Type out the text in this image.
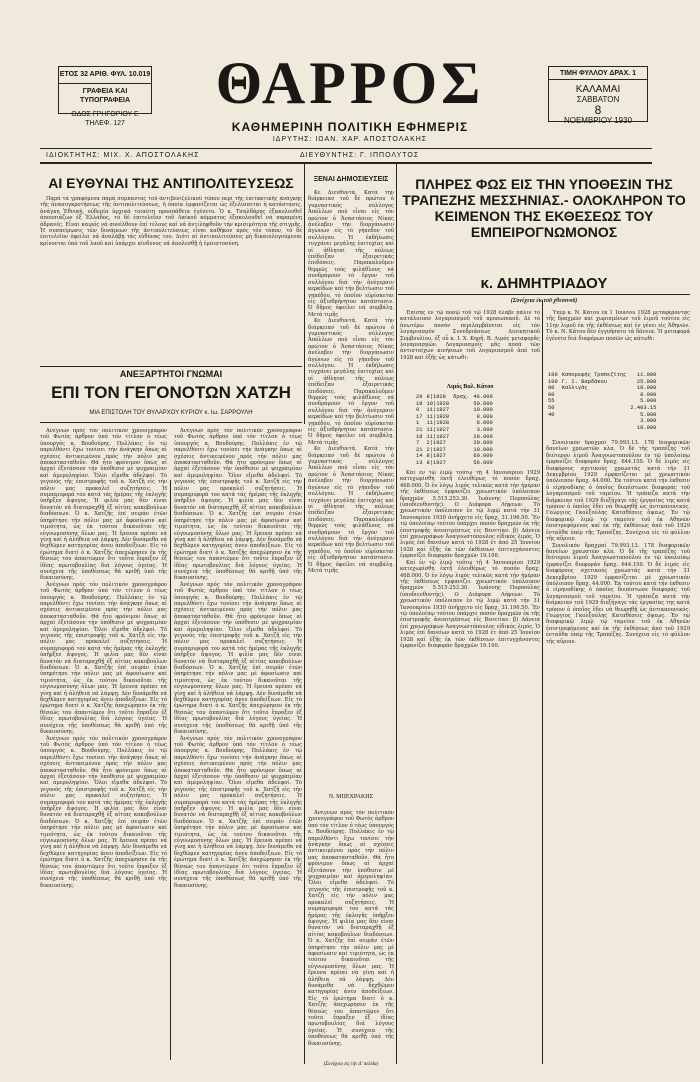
ΕΤΟΣ 32 ΑΡΙΘ. ΦΥΛ. 10.019
ΓΡΑΦΕΙΑ ΚΑΙ ΤΥΠΟΓΡΑΦΕΙΑ
ΟΔΟΣ ΓΡΗΓΟΡΙΟΥ Ε ΤΗΛΕΦ. 127
ΤΙΜΗ ΦΥΛΛΟΥ ΔΡΑΧ. 1
ΚΑΛΑΜΑΙ
ΣΑΒΒΑΤΟΝ
8
ΝΟΕΜΒΡΙΟΥ 1930
ΘΑΡΡΟΣ
ΚΑΘΗΜΕΡΙΝΗ ΠΟΛΙΤΙΚΗ ΕΦΗΜΕΡΙΣ
ΙΔΡΥΤΗΣ: ΙΩΑΝ. ΧΑΡ. ΑΠΟΣΤΟΛΑΚΗΣ
ΙΔΙΟΚΤΗΤΗΣ: ΜΙΧ. Χ. ΑΠΟΣΤΟΛΑΚΗΣ	ΔΙΕΥΘΥΝΤΗΣ: Γ. ΙΠΠΟΛΥΤΟΣ
ΑΙ ΕΥΘΥΝΑΙ ΤΗΣ ΑΝΤΙΠΟΛΙΤΕΥΣΕΩΣ

Παρά τά γραφόμενα παρά σύμπαντος τοῦ ἀντιβενιζελικοῦ τύπου περί τῆς ἐπιτακτικῆς ἀνάγκης τῆς ἀνασυγκροτήσεως τῆς ἀντιπολιτεύσεως, ἡ ὁποία ἐμφανίζεται ὡς ἐξελίσσεται ἡ κατάστασις, ἀνάγκη Ἐθνική, οὐδεμία ἀρχικά τοιαύτη προσπάθεια ἐγένετο. Ὁ κ. Τσαλδάρης ἐξακολουθεῖ ἀπουσιάζων ἐξ Ἑλλάδος, τό δέ ἐπιτελεῖον τοῦ Λαϊκοῦ κόμματος ἐξακολουθεῖ νά παραμένῃ ἀδρανές. Εἶναι καιρός νά συνέλθουν ἐπί τέλους καί νά ἀντιληφθοῦν τήν κρισιμότητα τῆς στιγμῆς. Ἡ συσπείρωσις τῶν δυνάμεων τῆς ἀντιπολιτεύσεως εἶναι καθῆκον πρός τόν τόπον, τό δέ ἐπιτελεῖον ὀφείλει νά ἀναλάβῃ τάς εὐθύνας του. Διότι αἱ ἀντιπολιτεύσεις μή δικαιολογούμεναι κρίνονται ὑπό τοῦ λαοῦ καί ὑπάρχει κίνδυνος νά ἀπολεσθῇ ἡ ἐμπιστοσύνη.

ΑΝΕΞΑΡΤΗΤΟΙ ΓΝΩΜΑΙ
ΕΠΙ ΤΟΝ ΓΕΓΟΝΟΤΩΝ ΧΑΤΖΗ
ΜΙΑ ΕΠΙΣΤΟΛΗ ΤΟΥ ΘΥΛΑΡΧΟΥ ΚΥΡΙΟΥ κ. Ιω. ΣΑΡΡΟΥΛΗ

Ἀνέγνων πρός τόν πολιτικόν χρονογράφον τοῦ Φωτὸς ἀρθρον ὑπό τόν τίτλον ὁ τέως ὑπουργός κ. Βουδούρης. Πολλάκις ἐν τῷ παρελθόντι ἔχω τονίσει τήν ἀνάγκην ὅπως αἱ σχέσεις ἀντικειμένου πρός τήν πόλιν μας ἀποκατασταθοῦν. Θά ἦτο φρόνιμον ὅπως αἱ ἀρχαί ἐξετάσουν τήν ὑπόθεσιν μέ ψυχραιμίαν καί ἀμεροληψίαν. Ὅλοι εἴμεθα ἀδελφοί. Τό γεγονός τῆς ἐπιστροφῆς τοῦ κ. Χατζῆ εἰς τήν πόλιν μας προκαλεῖ συζητήσεις. Ἡ συμπεριφορά του κατά τάς ἡμέρας τῆς ἐκλογῆς ὑπῆρξεν ἄψογος. Ἡ φιλία μας δέν εἶναι δυνατόν νά διαταραχθῇ ἐξ αἰτίας κακοβούλων διαδόσεων. Ὁ κ. Χατζῆς ἐπί σειράν ἐτῶν ὑπηρέτησε τήν πόλιν μας μέ ἀφοσίωσιν καί τιμιότητα, ὡς ἐκ τούτου δικαιοῦται τῆς εὐγνωμοσύνης ὅλων μας. Ἡ ἔρευνα πρέπει νά γίνῃ καί ἡ ἀλήθεια νά λάμψῃ. Δέν δυνάμεθα νά δεχθῶμεν κατηγορίας ἀνευ ἀποδείξεων. Εἰς τό ἐρώτημα διατί ὁ κ. Χατζῆς ἀπεχώρησεν ἐκ τῆς θέσεώς του ἀπαντῶμεν ὅτι τοῦτο ἔπραξεν ἐξ ἰδίας πρωτοβουλίας διά λόγους ὑγείας. Ἡ συνέχεια τῆς ὑποθέσεως θά κριθῇ ὑπό τῆς δικαιοσύνης.

Ἀνέγνων πρός τόν πολιτικόν χρονογράφον τοῦ Φωτὸς ἀρθρον ὑπό τόν τίτλον ὁ τέως ὑπουργός κ. Βουδούρης. Πολλάκις ἐν τῷ παρελθόντι ἔχω τονίσει τήν ἀνάγκην ὅπως αἱ σχέσεις ἀντικειμένου πρός τήν πόλιν μας ἀποκατασταθοῦν. Θά ἦτο φρόνιμον ὅπως αἱ ἀρχαί ἐξετάσουν τήν ὑπόθεσιν μέ ψυχραιμίαν καί ἀμεροληψίαν. Ὅλοι εἴμεθα ἀδελφοί. Τό γεγονός τῆς ἐπιστροφῆς τοῦ κ. Χατζῆ εἰς τήν πόλιν μας προκαλεῖ συζητήσεις. Ἡ συμπεριφορά του κατά τάς ἡμέρας τῆς ἐκλογῆς ὑπῆρξεν ἄψογος. Ἡ φιλία μας δέν εἶναι δυνατόν νά διαταραχθῇ ἐξ αἰτίας κακοβούλων διαδόσεων. Ὁ κ. Χατζῆς ἐπί σειράν ἐτῶν ὑπηρέτησε τήν πόλιν μας μέ ἀφοσίωσιν καί τιμιότητα, ὡς ἐκ τούτου δικαιοῦται τῆς εὐγνωμοσύνης ὅλων μας. Ἡ ἔρευνα πρέπει νά γίνῃ καί ἡ ἀλήθεια νά λάμψῃ. Δέν δυνάμεθα νά δεχθῶμεν κατηγορίας ἀνευ ἀποδείξεων. Εἰς τό ἐρώτημα διατί ὁ κ. Χατζῆς ἀπεχώρησεν ἐκ τῆς θέσεώς του ἀπαντῶμεν ὅτι τοῦτο ἔπραξεν ἐξ ἰδίας πρωτοβουλίας διά λόγους ὑγείας. Ἡ συνέχεια τῆς ὑποθέσεως θά κριθῇ ὑπό τῆς δικαιοσύνης.

Ἀνέγνων πρός τόν πολιτικόν χρονογράφον τοῦ Φωτὸς ἀρθρον ὑπό τόν τίτλον ὁ τέως ὑπουργός κ. Βουδούρης. Πολλάκις ἐν τῷ παρελθόντι ἔχω τονίσει τήν ἀνάγκην ὅπως αἱ σχέσεις ἀντικειμένου πρός τήν πόλιν μας ἀποκατασταθοῦν. Θά ἦτο φρόνιμον ὅπως αἱ ἀρχαί ἐξετάσουν τήν ὑπόθεσιν μέ ψυχραιμίαν καί ἀμεροληψίαν. Ὅλοι εἴμεθα ἀδελφοί. Τό γεγονός τῆς ἐπιστροφῆς τοῦ κ. Χατζῆ εἰς τήν πόλιν μας προκαλεῖ συζητήσεις. Ἡ συμπεριφορά του κατά τάς ἡμέρας τῆς ἐκλογῆς ὑπῆρξεν ἄψογος. Ἡ φιλία μας δέν εἶναι δυνατόν νά διαταραχθῇ ἐξ αἰτίας κακοβούλων διαδόσεων. Ὁ κ. Χατζῆς ἐπί σειράν ἐτῶν ὑπηρέτησε τήν πόλιν μας μέ ἀφοσίωσιν καί τιμιότητα, ὡς ἐκ τούτου δικαιοῦται τῆς εὐγνωμοσύνης ὅλων μας. Ἡ ἔρευνα πρέπει νά γίνῃ καί ἡ ἀλήθεια νά λάμψῃ. Δέν δυνάμεθα νά δεχθῶμεν κατηγορίας ἀνευ ἀποδείξεων. Εἰς τό ἐρώτημα διατί ὁ κ. Χατζῆς ἀπεχώρησεν ἐκ τῆς θέσεώς του ἀπαντῶμεν ὅτι τοῦτο ἔπραξεν ἐξ ἰδίας πρωτοβουλίας διά λόγους ὑγείας. Ἡ συνέχεια τῆς ὑποθέσεως θά κριθῇ ὑπό τῆς δικαιοσύνης.

Ἀνέγνων πρός τόν πολιτικόν χρονογράφον τοῦ Φωτὸς ἀρθρον ὑπό τόν τίτλον ὁ τέως ὑπουργός κ. Βουδούρης. Πολλάκις ἐν τῷ παρελθόντι ἔχω τονίσει τήν ἀνάγκην ὅπως αἱ σχέσεις ἀντικειμένου πρός τήν πόλιν μας ἀποκατασταθοῦν. Θά ἦτο φρόνιμον ὅπως αἱ ἀρχαί ἐξετάσουν τήν ὑπόθεσιν μέ ψυχραιμίαν καί ἀμεροληψίαν. Ὅλοι εἴμεθα ἀδελφοί. Τό γεγονός τῆς ἐπιστροφῆς τοῦ κ. Χατζῆ εἰς τήν πόλιν μας προκαλεῖ συζητήσεις. Ἡ συμπεριφορά του κατά τάς ἡμέρας τῆς ἐκλογῆς ὑπῆρξεν ἄψογος. Ἡ φιλία μας δέν εἶναι δυνατόν νά διαταραχθῇ ἐξ αἰτίας κακοβούλων διαδόσεων. Ὁ κ. Χατζῆς ἐπί σειράν ἐτῶν ὑπηρέτησε τήν πόλιν μας μέ ἀφοσίωσιν καί τιμιότητα, ὡς ἐκ τούτου δικαιοῦται τῆς εὐγνωμοσύνης ὅλων μας. Ἡ ἔρευνα πρέπει νά γίνῃ καί ἡ ἀλήθεια νά λάμψῃ. Δέν δυνάμεθα νά δεχθῶμεν κατηγορίας ἀνευ ἀποδείξεων. Εἰς τό ἐρώτημα διατί ὁ κ. Χατζῆς ἀπεχώρησεν ἐκ τῆς θέσεώς του ἀπαντῶμεν ὅτι τοῦτο ἔπραξεν ἐξ ἰδίας πρωτοβουλίας διά λόγους ὑγείας. Ἡ συνέχεια τῆς ὑποθέσεως θά κριθῇ ὑπό τῆς δικαιοσύνης.

Ἀνέγνων πρός τόν πολιτικόν χρονογράφον τοῦ Φωτὸς ἀρθρον ὑπό τόν τίτλον ὁ τέως ὑπουργός κ. Βουδούρης. Πολλάκις ἐν τῷ παρελθόντι ἔχω τονίσει τήν ἀνάγκην ὅπως αἱ σχέσεις ἀντικειμένου πρός τήν πόλιν μας ἀποκατασταθοῦν. Θά ἦτο φρόνιμον ὅπως αἱ ἀρχαί ἐξετάσουν τήν ὑπόθεσιν μέ ψυχραιμίαν καί ἀμεροληψίαν. Ὅλοι εἴμεθα ἀδελφοί. Τό γεγονός τῆς ἐπιστροφῆς τοῦ κ. Χατζῆ εἰς τήν πόλιν μας προκαλεῖ συζητήσεις. Ἡ συμπεριφορά του κατά τάς ἡμέρας τῆς ἐκλογῆς ὑπῆρξεν ἄψογος. Ἡ φιλία μας δέν εἶναι δυνατόν νά διαταραχθῇ ἐξ αἰτίας κακοβούλων διαδόσεων. Ὁ κ. Χατζῆς ἐπί σειράν ἐτῶν ὑπηρέτησε τήν πόλιν μας μέ ἀφοσίωσιν καί τιμιότητα, ὡς ἐκ τούτου δικαιοῦται τῆς εὐγνωμοσύνης ὅλων μας. Ἡ ἔρευνα πρέπει νά γίνῃ καί ἡ ἀλήθεια νά λάμψῃ. Δέν δυνάμεθα νά δεχθῶμεν κατηγορίας ἀνευ ἀποδείξεων. Εἰς τό ἐρώτημα διατί ὁ κ. Χατζῆς ἀπεχώρησεν ἐκ τῆς θέσεώς του ἀπαντῶμεν ὅτι τοῦτο ἔπραξεν ἐξ ἰδίας πρωτοβουλίας διά λόγους ὑγείας. Ἡ συνέχεια τῆς ὑποθέσεως θά κριθῇ ὑπό τῆς δικαιοσύνης.

Ἀνέγνων πρός τόν πολιτικόν χρονογράφον τοῦ Φωτὸς ἀρθρον ὑπό τόν τίτλον ὁ τέως ὑπουργός κ. Βουδούρης. Πολλάκις ἐν τῷ παρελθόντι ἔχω τονίσει τήν ἀνάγκην ὅπως αἱ σχέσεις ἀντικειμένου πρός τήν πόλιν μας ἀποκατασταθοῦν. Θά ἦτο φρόνιμον ὅπως αἱ ἀρχαί ἐξετάσουν τήν ὑπόθεσιν μέ ψυχραιμίαν καί ἀμεροληψίαν. Ὅλοι εἴμεθα ἀδελφοί. Τό γεγονός τῆς ἐπιστροφῆς τοῦ κ. Χατζῆ εἰς τήν πόλιν μας προκαλεῖ συζητήσεις. Ἡ συμπεριφορά του κατά τάς ἡμέρας τῆς ἐκλογῆς ὑπῆρξεν ἄψογος. Ἡ φιλία μας δέν εἶναι δυνατόν νά διαταραχθῇ ἐξ αἰτίας κακοβούλων διαδόσεων. Ὁ κ. Χατζῆς ἐπί σειράν ἐτῶν ὑπηρέτησε τήν πόλιν μας μέ ἀφοσίωσιν καί τιμιότητα, ὡς ἐκ τούτου δικαιοῦται τῆς εὐγνωμοσύνης ὅλων μας. Ἡ ἔρευνα πρέπει νά γίνῃ καί ἡ ἀλήθεια νά λάμψῃ. Δέν δυνάμεθα νά δεχθῶμεν κατηγορίας ἀνευ ἀποδείξεων. Εἰς τό ἐρώτημα διατί ὁ κ. Χατζῆς ἀπεχώρησεν ἐκ τῆς θέσεώς του ἀπαντῶμεν ὅτι τοῦτο ἔπραξεν ἐξ ἰδίας πρωτοβουλίας διά λόγους ὑγείας. Ἡ συνέχεια τῆς ὑποθέσεως θά κριθῇ ὑπό τῆς δικαιοσύνης.

ΞΕΝΑΙ ΔΗΜΟΣΙΕΥΣΕΙΣ

Κε Διευθυντά, Κατά τήν διάρκειαν τοῦ δέ πρώτου ὁ γυμναστικός σύλλογος Ἀπόλλων πού εἶναι εἰς τόν πρώτον ὁ Ἀναστάσιος Νίκας ἀνέλαβεν τήν διοργάνωσιν ἀγώνων εἰς τό γήπεδον τοῦ συλλόγου. Ἡ ἐκδήλωσις τυγχάνει μεγάλης ἐπιτυχίας καί οἱ ἀθληταί τῆς πόλεως ἐπέδειξαν ἐξαιρετικάς ἐπιδόσεις. Παρακαλοῦμεν θερμῶς τούς φιλάθλους νά συνδράμουν τό ἔργον τοῦ συλλόγου διά τήν ἀνέγερσιν κερκίδων καί τήν βελτίωσιν τοῦ γηπέδου, τό ὁποῖον εὑρίσκεται εἰς ἀξιοθρήνητον κατάστασιν. Ὁ δῆμος ὀφείλει νά συμβάλῃ. Μετά τιμῆς

Κε Διευθυντά, Κατά τήν διάρκειαν τοῦ δέ πρώτου ὁ γυμναστικός σύλλογος Ἀπόλλων πού εἶναι εἰς τόν πρώτον ὁ Ἀναστάσιος Νίκας ἀνέλαβεν τήν διοργάνωσιν ἀγώνων εἰς τό γήπεδον τοῦ συλλόγου. Ἡ ἐκδήλωσις τυγχάνει μεγάλης ἐπιτυχίας καί οἱ ἀθληταί τῆς πόλεως ἐπέδειξαν ἐξαιρετικάς ἐπιδόσεις. Παρακαλοῦμεν θερμῶς τούς φιλάθλους νά συνδράμουν τό ἔργον τοῦ συλλόγου διά τήν ἀνέγερσιν κερκίδων καί τήν βελτίωσιν τοῦ γηπέδου, τό ὁποῖον εὑρίσκεται εἰς ἀξιοθρήνητον κατάστασιν. Ὁ δῆμος ὀφείλει νά συμβάλῃ. Μετά τιμῆς

Κε Διευθυντά, Κατά τήν διάρκειαν τοῦ δέ πρώτου ὁ γυμναστικός σύλλογος Ἀπόλλων πού εἶναι εἰς τόν πρώτον ὁ Ἀναστάσιος Νίκας ἀνέλαβεν τήν διοργάνωσιν ἀγώνων εἰς τό γήπεδον τοῦ συλλόγου. Ἡ ἐκδήλωσις τυγχάνει μεγάλης ἐπιτυχίας καί οἱ ἀθληταί τῆς πόλεως ἐπέδειξαν ἐξαιρετικάς ἐπιδόσεις. Παρακαλοῦμεν θερμῶς τούς φιλάθλους νά συνδράμουν τό ἔργον τοῦ συλλόγου διά τήν ἀνέγερσιν κερκίδων καί τήν βελτίωσιν τοῦ γηπέδου, τό ὁποῖον εὑρίσκεται εἰς ἀξιοθρήνητον κατάστασιν. Ὁ δῆμος ὀφείλει νά συμβάλῃ. Μετά τιμῆς

Ν. ΜΠΕΧΡΑΚΗΣ

Ἀνέγνων πρός τόν πολιτικόν χρονογράφον τοῦ Φωτὸς ἀρθρον ὑπό τόν τίτλον ὁ τέως ὑπουργός κ. Βουδούρης. Πολλάκις ἐν τῷ παρελθόντι ἔχω τονίσει τήν ἀνάγκην ὅπως αἱ σχέσεις ἀντικειμένου πρός τήν πόλιν μας ἀποκατασταθοῦν. Θά ἦτο φρόνιμον ὅπως αἱ ἀρχαί ἐξετάσουν τήν ὑπόθεσιν μέ ψυχραιμίαν καί ἀμεροληψίαν. Ὅλοι εἴμεθα ἀδελφοί. Τό γεγονός τῆς ἐπιστροφῆς τοῦ κ. Χατζῆ εἰς τήν πόλιν μας προκαλεῖ συζητήσεις. Ἡ συμπεριφορά του κατά τάς ἡμέρας τῆς ἐκλογῆς ὑπῆρξεν ἄψογος. Ἡ φιλία μας δέν εἶναι δυνατόν νά διαταραχθῇ ἐξ αἰτίας κακοβούλων διαδόσεων. Ὁ κ. Χατζῆς ἐπί σειράν ἐτῶν ὑπηρέτησε τήν πόλιν μας μέ ἀφοσίωσιν καί τιμιότητα, ὡς ἐκ τούτου δικαιοῦται τῆς εὐγνωμοσύνης ὅλων μας. Ἡ ἔρευνα πρέπει νά γίνῃ καί ἡ ἀλήθεια νά λάμψῃ. Δέν δυνάμεθα νά δεχθῶμεν κατηγορίας ἀνευ ἀποδείξεων. Εἰς τό ἐρώτημα διατί ὁ κ. Χατζῆς ἀπεχώρησεν ἐκ τῆς θέσεώς του ἀπαντῶμεν ὅτι τοῦτο ἔπραξεν ἐξ ἰδίας πρωτοβουλίας διά λόγους ὑγείας. Ἡ συνέχεια τῆς ὑποθέσεως θά κριθῇ ὑπό τῆς δικαιοσύνης.

ΠΛΗΡΕΣ ΦΩΣ ΕΙΣ ΤΗΝ ΥΠΟΘΕΣΙΝ ΤΗΣ ΤΡΑΠΕΖΗΣ ΜΕΣΣΗΝΙΑΣ.- ΟΛΟΚΛΗΡΟΝ ΤΟ ΚΕΙΜΕΝΟΝ ΤΗΣ ΕΚΘΕΣΕΩΣ ΤΟΥ ΕΜΠΕΙΡΟΓΝΩΜΟΝΟΣ
κ. ΔΗΜΗΤΡΙΑΔΟΥ
(Συνέχεια ἐκ τοῦ χθεσινοῦ)

Ἐπίσης ἐν τῷ ποσῷ τοῦ τῷ 1928 ἔλαβε πάλιν τό κατάλοιπον λογαριασμοῦ τοῦ προσωπικοῦ. Δέ τό ἀνωτέρω ποσόν περιλαμβάνεται εἰς τόν λογαριασμόν Συνεδριάσεως Διοικητικοῦ Συμβουλίου, ἐξ οὗ κ. Ι. Χ. Κηρῆ. Β. Λιμός μεταφορᾶς λογαριασμῶν. Λογαριασμοῖς μᾶς ποσά τῶν ἀντιστοίχων κινήσεων τοῦ λογαριασμοῦ ἀπό τοῦ 1928 καί ἑξῆς ὡς κάτωθι:

Λιμός Βαλ. Κάτου
29	8|1928	δραχ.	46.000
18	10|1928		50.000
9	11|1927		10.000
17	11|1928		8.000
1	11|1928		8.000
21	11|1927		3.000
18	11|1927		20.000
7	2|1927		20.000
21	2|1927		10.000
14	8|1927		60.000
13	8|1927		56.000

Καί ἐν τῷ λιμῷ τοῦτῳ τῇ 4 Ἰανουαρίου 1929 κατεχωρίσθη ἐκτῆ ἐλευθέρως τό ποσόν δραχ. 468.000. Ὁ ἐν λόγῳ λιμός τελικῶς κατά τήν ἡμέραν τῆς ἐκθέσεως ἐμφανίζει χρεωστικόν ὑπόλοιπον δραχμῶν 5.515.253.30. Ἰωάννης Πορπούλας (ὑποδιευθυντής). Ο Διάφορα Λήψεων. Τό χρεωστικόν ὑπόλοιπον ἐν τῷ λιμῷ κατά τήν 31 Ἰανουαρίου 1930 ἀνήρχετο εἰς δραχ. 31.196.50. Ἔν τῷ ὑπολοίπῳ τούτου ὑπάρχει ποσόν δραχμῶν ἐκ τῆς ἐπιστροφῆς ἀνεπιτρέπτως εἰς Βενετίαν. β) Δάνεια ἐπί χρεωγράφων Ἀναγνωστόπουλος εἰδικός λιμός. Ὁ λιμός ἐπί δανείων κατά τό 1928 ἐτ ἀπό 25 Ἰουνίου 1928 καί ἑξῆς ἐκ τῶν ἐκθέσεων ἐπιτυγχάνοντες ἐμφανίζει διαφοράν δραχμῶν 19.100.

Καί ἐν τῷ λιμῷ τοῦτῳ τῇ 4 Ἰανουαρίου 1929 κατεχωρίσθη ἐκτῆ ἐλευθέρως τό ποσόν δραχ. 468.000. Ὁ ἐν λόγῳ λιμός τελικῶς κατά τήν ἡμέραν τῆς ἐκθέσεως ἐμφανίζει χρεωστικόν ὑπόλοιπον δραχμῶν 5.515.253.30. Ἰωάννης Πορπούλας (ὑποδιευθυντής). Ο Διάφορα Λήψεων. Τό χρεωστικόν ὑπόλοιπον ἐν τῷ λιμῷ κατά τήν 31 Ἰανουαρίου 1930 ἀνήρχετο εἰς δραχ. 31.196.50. Ἔν τῷ ὑπολοίπῳ τούτου ὑπάρχει ποσόν δραχμῶν ἐκ τῆς ἐπιστροφῆς ἀνεπιτρέπτως εἰς Βενετίαν. β) Δάνεια ἐπί χρεωγράφων Ἀναγνωστόπουλος εἰδικός λιμός. Ὁ λιμός ἐπί δανείων κατά τό 1928 ἐτ ἀπό 25 Ἰουνίου 1928 καί ἑξῆς ἐκ τῶν ἐκθέσεων ἐπιτυγχάνοντες ἐμφανίζει διαφοράν δραχμῶν 19.100.

Ὑπέρ κ. Ν. Κάτου ἐκ 1 Ἰουνίου 1928 μεταφέροντας τῆς δραχμῶν καί χωρισμένων τοῦ λιμοῦ τούτου εἰς 11ην λιμοῦ ἐκ τῆς ἐκθέσεως καί ἐν γένει εἰς Ἀθηνῶν. Τό κ. Ν. Κάτου δέν ἐγγυήσατο τά δάνεια. Ἡ μεταφορά ἐγένετο διά διαφόρων ποσῶν ὡς κάτωθι:

100	Καπορεφής Τραπεζίτης	11.000
100	Γ. Ι. Βαρδάκου	25.000
80	Καλλιγάς	10.000
80		8.000
55		5.000
50		2.403.15
40		5.000
		3.000
		10.000

Συνολικόν δραχμαί 79.993.13. 178 διαφορικῶν δανείων χρεωστῶν κλπ. Ὁ δέ τῆς τραπέζης τοῦ δεύτερου λιμοῦ Ἀναγνωστοπούλου ἐν τῷ ὑπολοίπῳ ἐμφανίζει διαφοράν δραχ. 644.150. Ὁ δέ λιμός εἰς διαφόρους σχετικούς χρεωστάς κατά τήν 31 Δεκεμβρίου 1929 ἐμφανίζεται μέ χρεωστικόν ὑπόλοιπον δραχ. 44.000. Ἐκ τούτου κατά τήν ἐκθεσιν ὁ εἰρηνοδίκης ὁ ὁποῖος διεπίστωσε διαφοράς τοῦ λογαριασμοῦ τοῦ ταμείου. Ἡ τράπεζα κατά τήν διάρκειαν τοῦ 1929 διεξήγαγε τάς ἐργασίας της κατά τρόπον ὁ ὁποῖος ἔδει νά θεωρηθῇ ὡς ἀντικανονικός. Γεώργιος Γκολξούλης Καταθέσεις ὄψεως. Ἐν τῷ διαφορικῷ λιμῷ τῷ ταμείου τοῦ ἐκ Αθηνῶν ἐπιστρεφόμενος καί ἐκ τῆς ἐκθέσεως ἀπό τοῦ 1929 ἐνταῦθα ὑπέρ τῆς Τραπέζης. Συνέχεια εἰς τό φύλλον τῆς αὔριον.

Συνολικόν δραχμαί 79.993.13. 178 διαφορικῶν δανείων χρεωστῶν κλπ. Ὁ δέ τῆς τραπέζης τοῦ δεύτερου λιμοῦ Ἀναγνωστοπούλου ἐν τῷ ὑπολοίπῳ ἐμφανίζει διαφοράν δραχ. 644.150. Ὁ δέ λιμός εἰς διαφόρους σχετικούς χρεωστάς κατά τήν 31 Δεκεμβρίου 1929 ἐμφανίζεται μέ χρεωστικόν ὑπόλοιπον δραχ. 44.000. Ἐκ τούτου κατά τήν ἐκθεσιν ὁ εἰρηνοδίκης ὁ ὁποῖος διεπίστωσε διαφοράς τοῦ λογαριασμοῦ τοῦ ταμείου. Ἡ τράπεζα κατά τήν διάρκειαν τοῦ 1929 διεξήγαγε τάς ἐργασίας της κατά τρόπον ὁ ὁποῖος ἔδει νά θεωρηθῇ ὡς ἀντικανονικός. Γεώργιος Γκολξούλης Καταθέσεις ὄψεως. Ἐν τῷ διαφορικῷ λιμῷ τῷ ταμείου τοῦ ἐκ Αθηνῶν ἐπιστρεφόμενος καί ἐκ τῆς ἐκθέσεως ἀπό τοῦ 1929 ἐνταῦθα ὑπέρ τῆς Τραπέζης. Συνέχεια εἰς τό φύλλον τῆς αὔριον.

(Συνέχεια εἰς τήν Δ' σελίδα)
